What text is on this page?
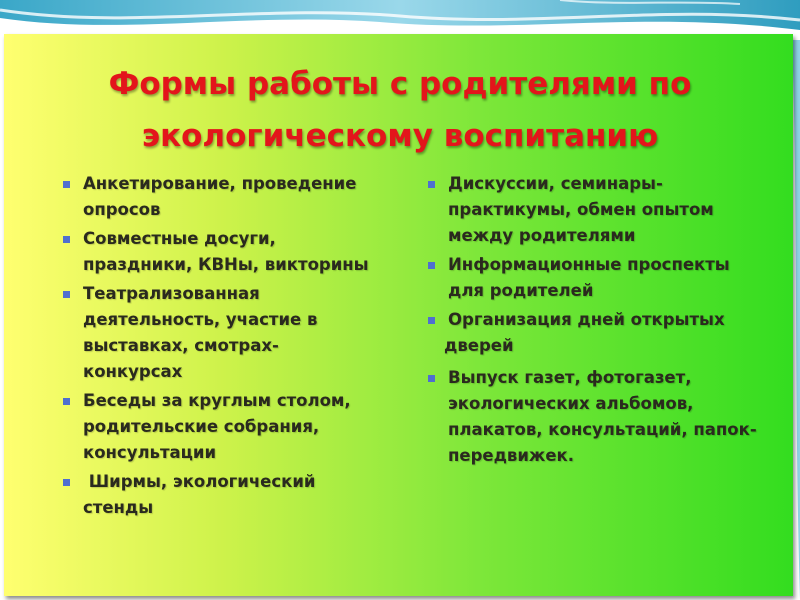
Формы работы с родителями по
экологическому воспитанию
Анкетирование, проведение опросов
Совместные досуги, праздники, КВНы, викторины
Театрализованная деятельность, участие в выставках, смотрах-конкурсах
Беседы за круглым столом, родительские собрания, консультации
Ширмы, экологический стенды
Дискуссии, семинары-практикумы, обмен опытом между родителями
Информационные проспекты для родителей
Организация дней открытых
дверей
Выпуск газет, фотогазет, экологических альбомов, плакатов, консультаций, папок- передвижек.
